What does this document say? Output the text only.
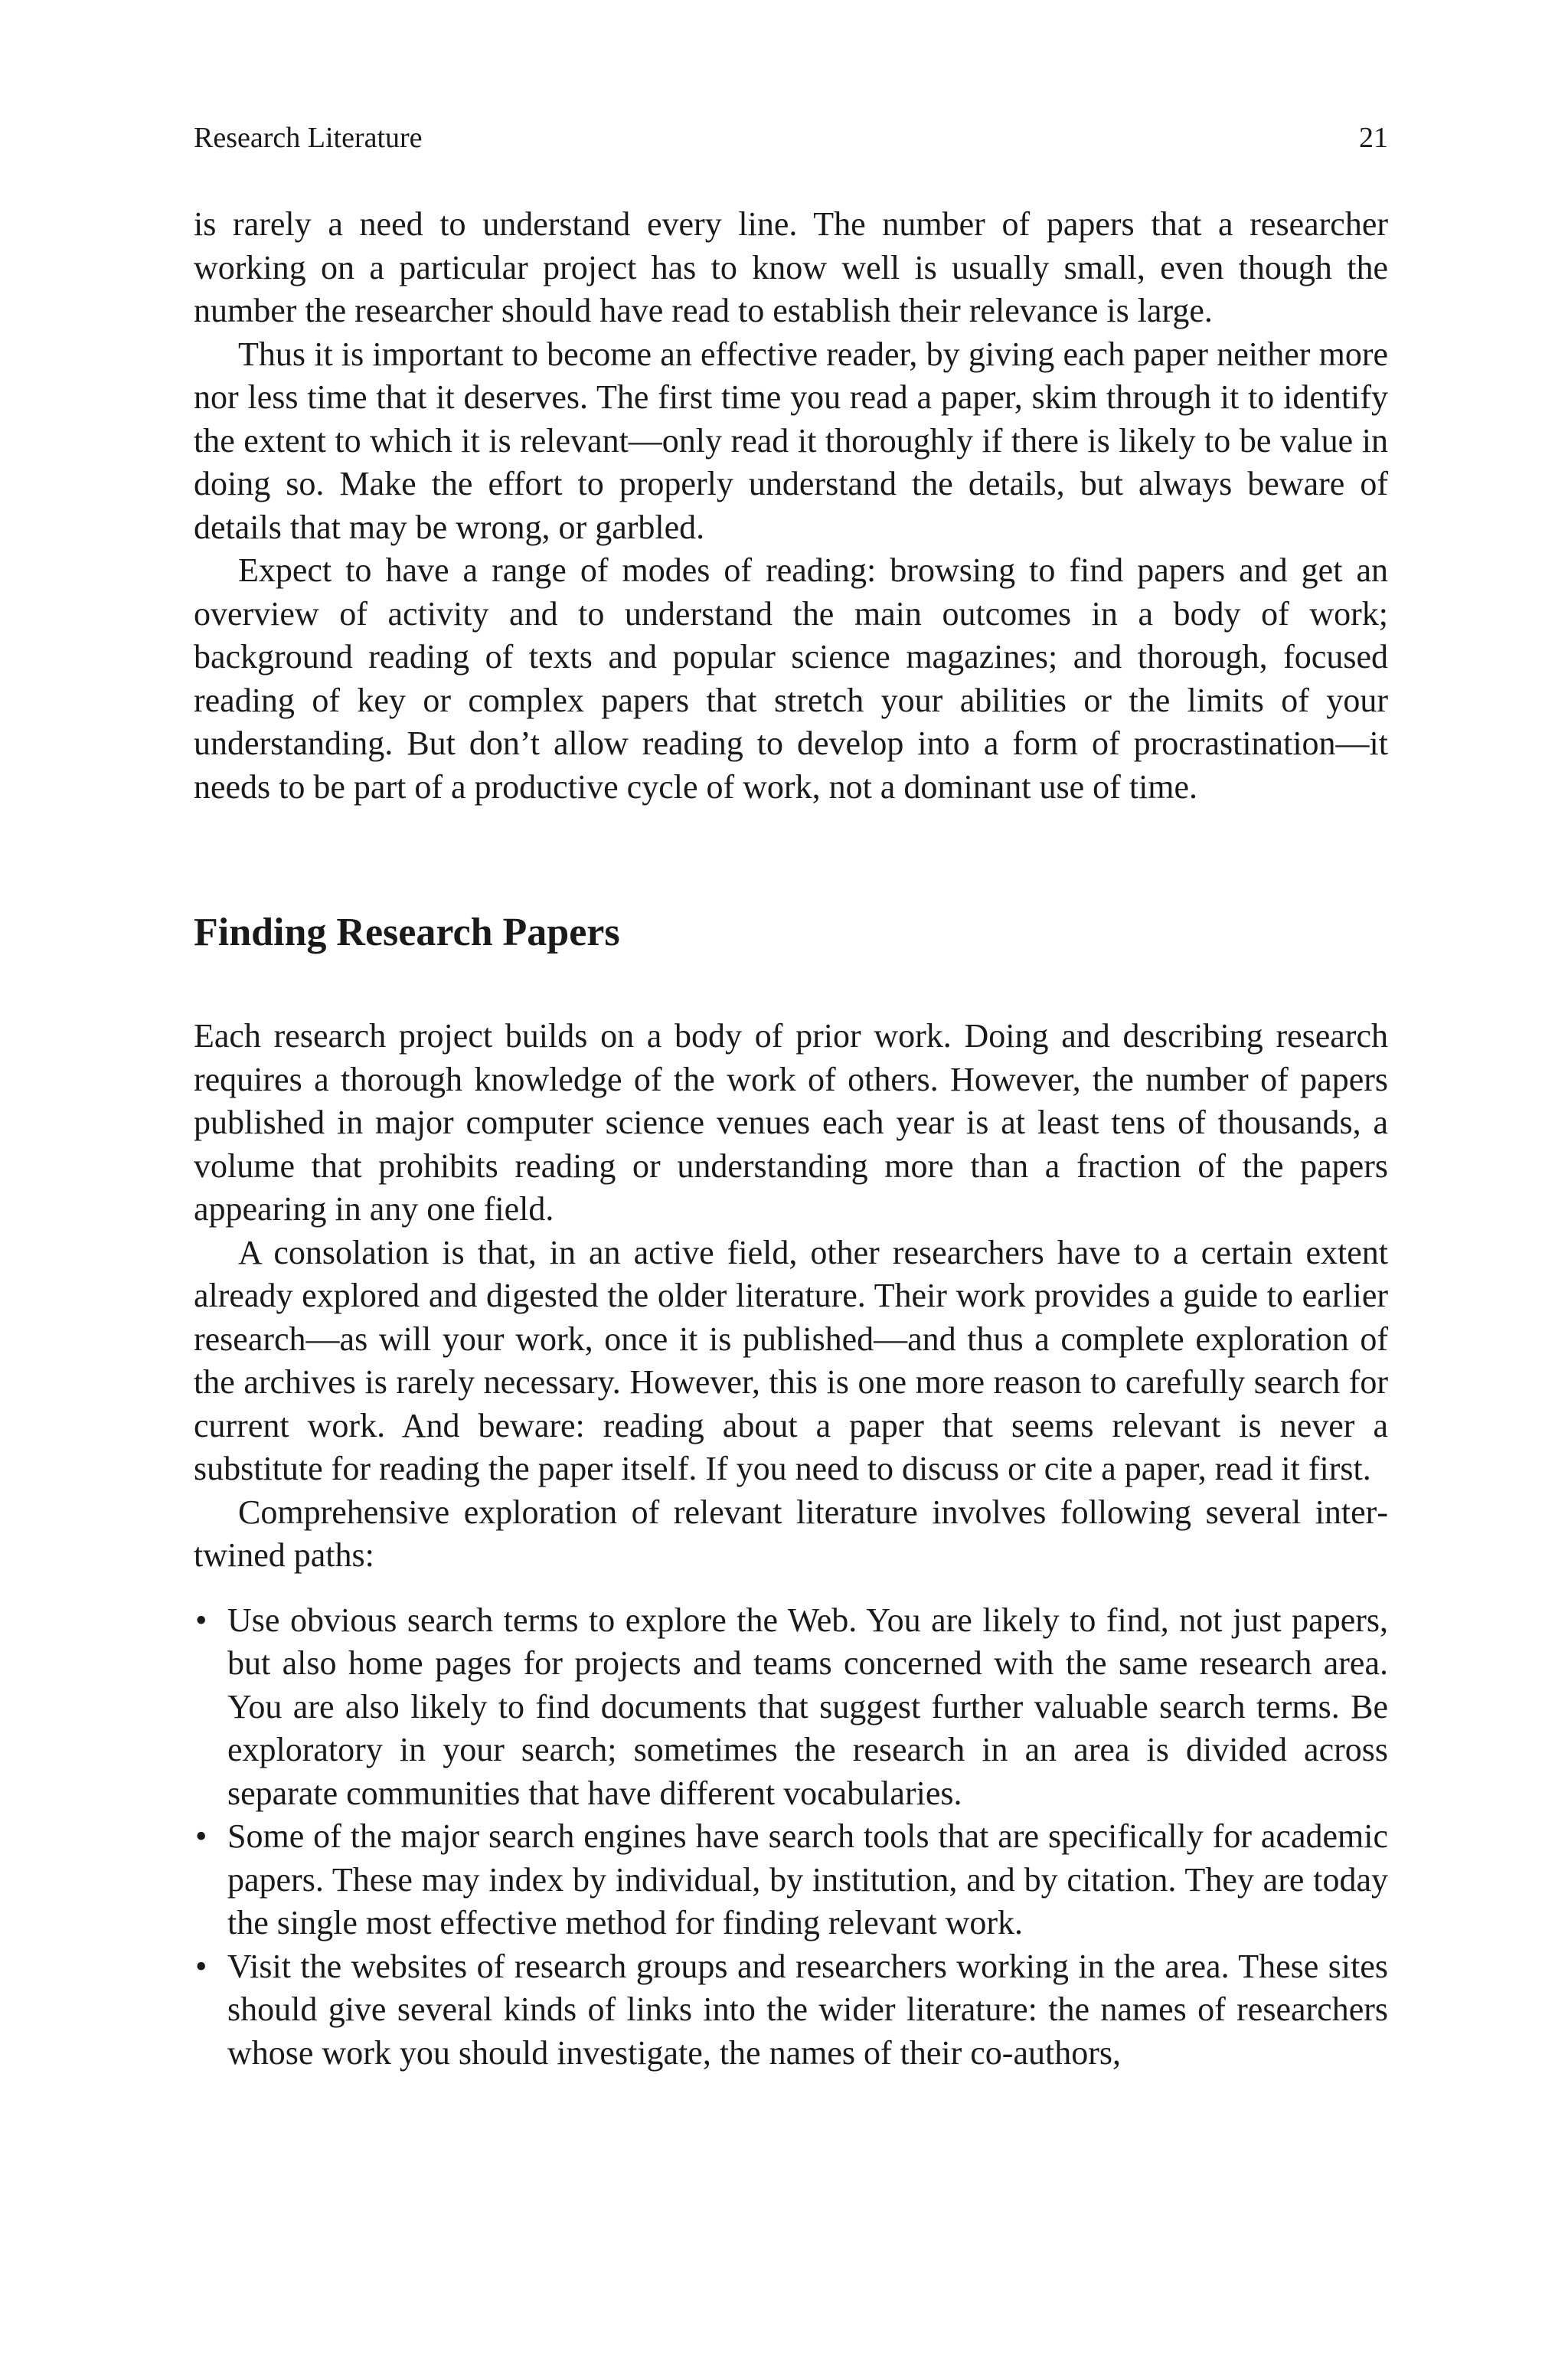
Research Literature	21

is rarely a need to understand every line. The number of papers that a researcher working on a particular project has to know well is usually small, even though the number the researcher should have read to establish their relevance is large.

Thus it is important to become an effective reader, by giving each paper neither more nor less time that it deserves. The first time you read a paper, skim through it to identify the extent to which it is relevant—only read it thoroughly if there is likely to be value in doing so. Make the effort to properly understand the details, but always beware of details that may be wrong, or garbled.

Expect to have a range of modes of reading: browsing to find papers and get an overview of activity and to understand the main outcomes in a body of work; background reading of texts and popular science magazines; and thorough, focused reading of key or complex papers that stretch your abilities or the limits of your understanding. But don’t allow reading to develop into a form of procrastination—it needs to be part of a productive cycle of work, not a dominant use of time.

Finding Research Papers

Each research project builds on a body of prior work. Doing and describing research requires a thorough knowledge of the work of others. However, the number of papers published in major computer science venues each year is at least tens of thousands, a volume that prohibits reading or understanding more than a fraction of the papers appearing in any one field.

A consolation is that, in an active field, other researchers have to a certain extent already explored and digested the older literature. Their work provides a guide to earlier research—as will your work, once it is published—and thus a complete exploration of the archives is rarely necessary. However, this is one more reason to carefully search for current work. And beware: reading about a paper that seems relevant is never a substitute for reading the paper itself. If you need to discuss or cite a paper, read it first.

Comprehensive exploration of relevant literature involves following several intertwined paths:

• Use obvious search terms to explore the Web. You are likely to find, not just papers, but also home pages for projects and teams concerned with the same research area. You are also likely to find documents that suggest further valuable search terms. Be exploratory in your search; sometimes the research in an area is divided across separate communities that have different vocabularies.
• Some of the major search engines have search tools that are specifically for academic papers. These may index by individual, by institution, and by citation. They are today the single most effective method for finding relevant work.
• Visit the websites of research groups and researchers working in the area. These sites should give several kinds of links into the wider literature: the names of researchers whose work you should investigate, the names of their co-authors,
